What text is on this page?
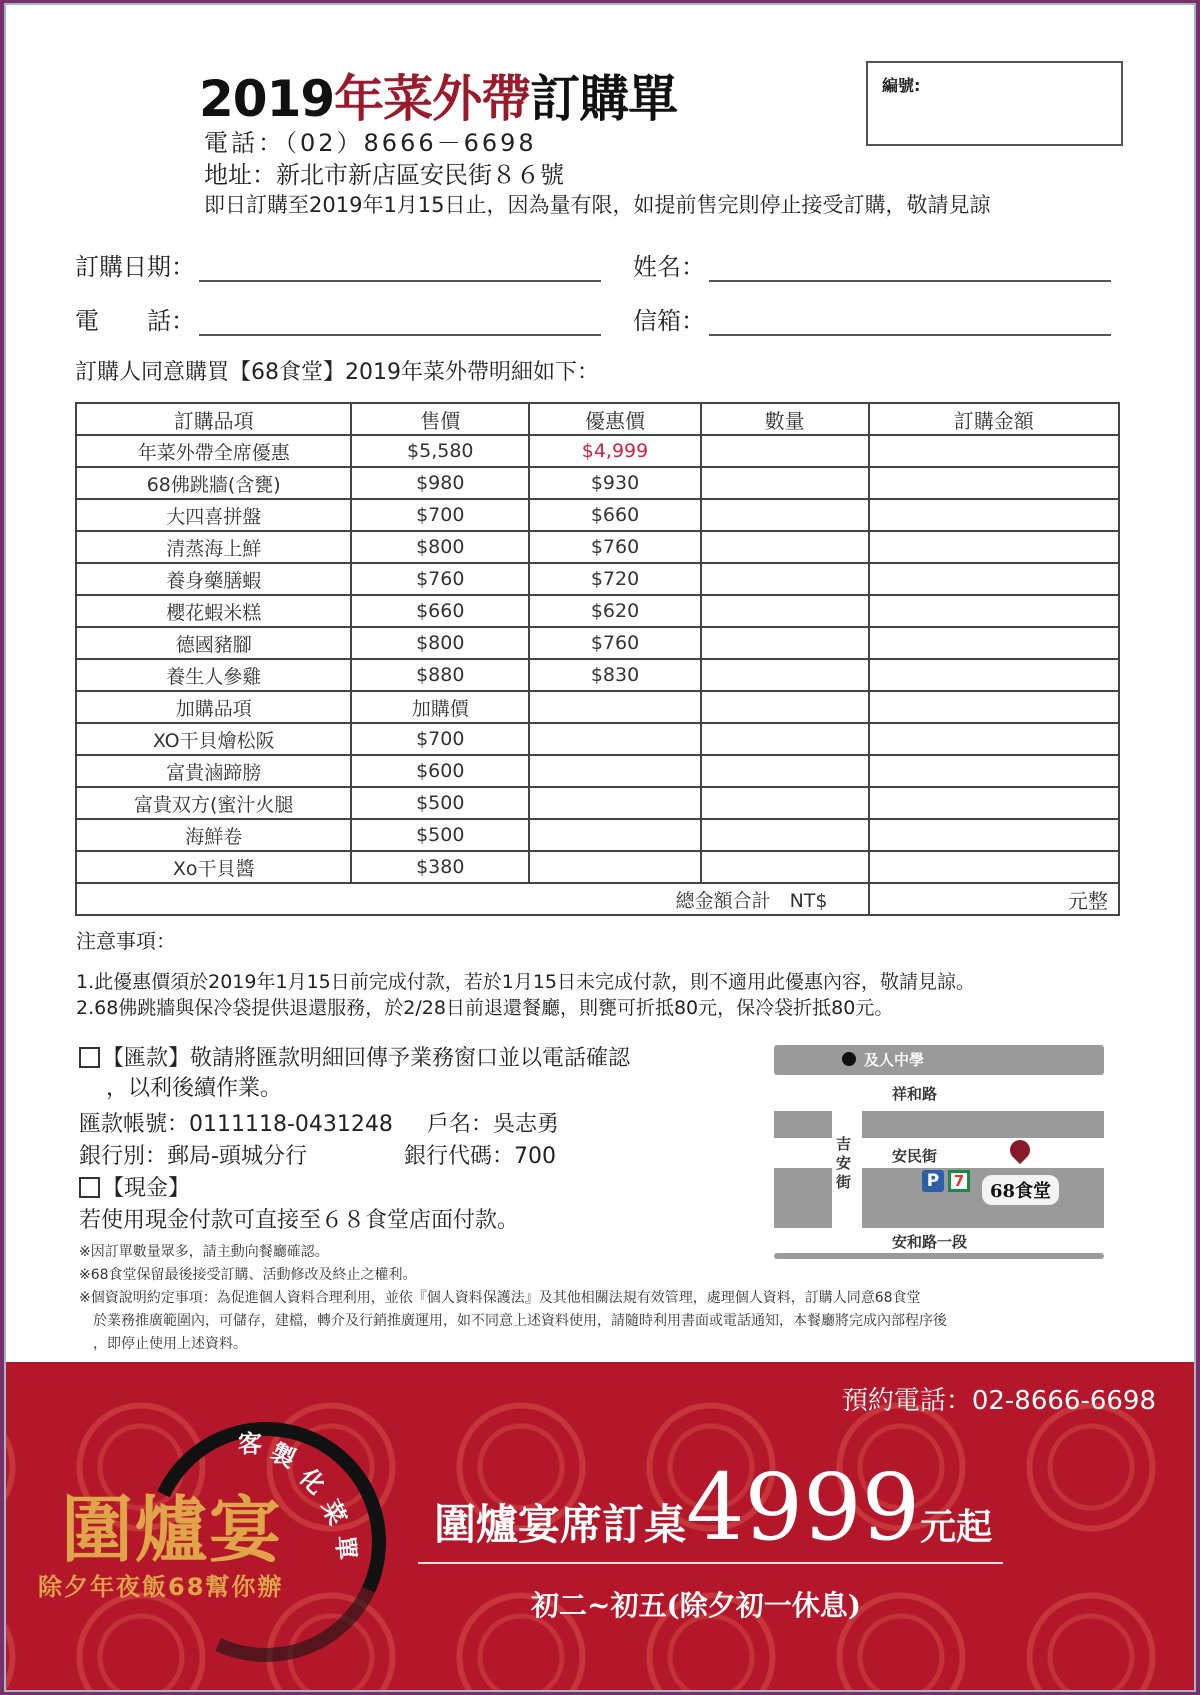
2019年菜外帶訂購單
電話：（02）8666－6698
地址：新北市新店區安民街８６號
即日訂購至2019年1月15日止，因為量有限，如提前售完則停止接受訂購，敬請見諒
編號:
訂購日期：	姓名：
電　　話：	信箱：
訂購人同意購買【68食堂】2019年菜外帶明細如下：
訂購品項	售價	優惠價	數量	訂購金額
年菜外帶全席優惠	$5,580	$4,999		
68佛跳牆(含甕)	$980	$930		
大四喜拼盤	$700	$660		
清蒸海上鮮	$800	$760		
養身藥膳蝦	$760	$720		
櫻花蝦米糕	$660	$620		
德國豬腳	$800	$760		
養生人參雞	$880	$830		
加購品項	加購價			
XO干貝燴松阪	$700			
富貴滷蹄膀	$600			
富貴双方(蜜汁火腿	$500			
海鮮卷	$500			
Xo干貝醬	$380			
總金額合計　NT$				元整
注意事項：
1.此優惠價須於2019年1月15日前完成付款，若於1月15日未完成付款，則不適用此優惠內容，敬請見諒。
2.68佛跳牆與保冷袋提供退還服務，於2/28日前退還餐廳，則甕可折抵80元，保冷袋折抵80元。
【匯款】敬請將匯款明細回傳予業務窗口並以電話確認
，以利後續作業。
匯款帳號：0111118-0431248 戶名：吳志勇
銀行別：郵局-頭城分行	銀行代碼：700
【現金】
若使用現金付款可直接至６８食堂店面付款。
※因訂單數量眾多，請主動向餐廳確認。
※68食堂保留最後接受訂購、活動修改及終止之權利。
※個資說明約定事項：為促進個人資料合理利用，並依『個人資料保護法』及其他相關法規有效管理，處理個人資料，訂購人同意68食堂
　於業務推廣範圍內，可儲存，建檔，轉介及行銷推廣運用，如不同意上述資料使用，請隨時利用書面或電話通知，本餐廳將完成內部程序後
　，即停止使用上述資料。
及人中學
祥和路
吉安街
安民街
P 7	68食堂
安和路一段
預約電話：02-8666-6698
客 製
化
菜
單
圍爐宴
除夕年夜飯68幫你辦
圍爐宴席訂桌 4999 元起
初二~初五(除夕初一休息)
